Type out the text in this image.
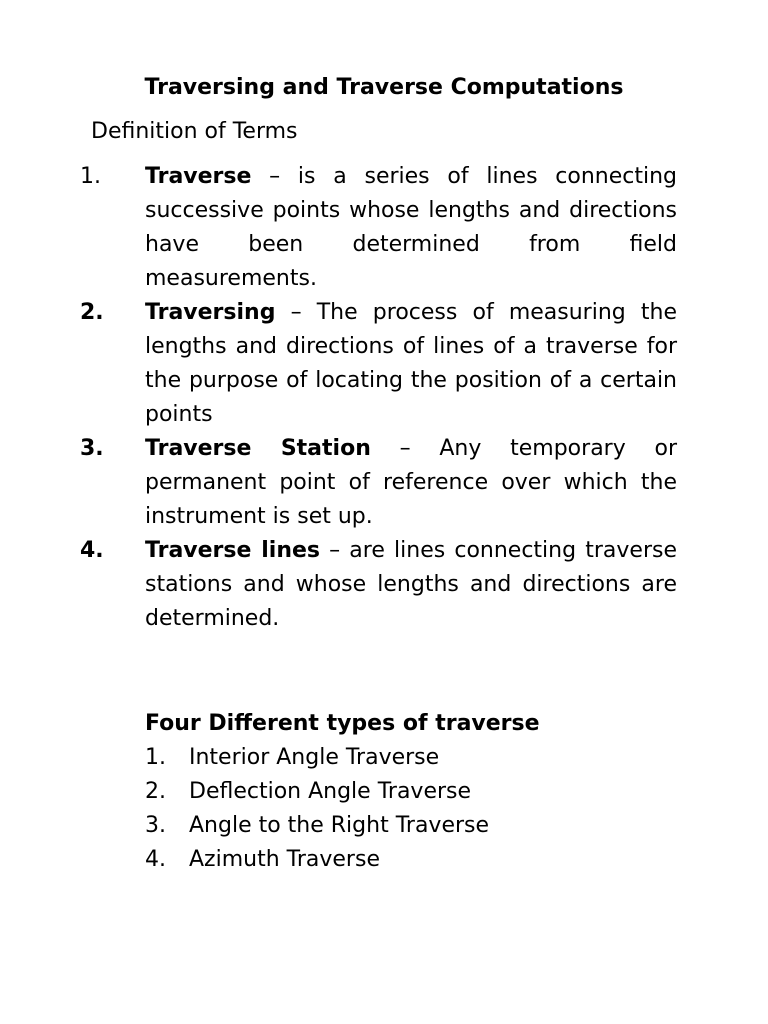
Traversing and Traverse Computations
Definition of Terms
1. Traverse – is a series of lines connecting successive points whose lengths and directions have been determined from field measurements.
2. Traversing – The process of measuring the lengths and directions of lines of a traverse for the purpose of locating the position of a certain points
3. Traverse Station – Any temporary or permanent point of reference over which the instrument is set up.
4. Traverse lines – are lines connecting traverse stations and whose lengths and directions are determined.
Four Different types of traverse
1. Interior Angle Traverse
2. Deflection Angle Traverse
3. Angle to the Right Traverse
4. Azimuth Traverse
